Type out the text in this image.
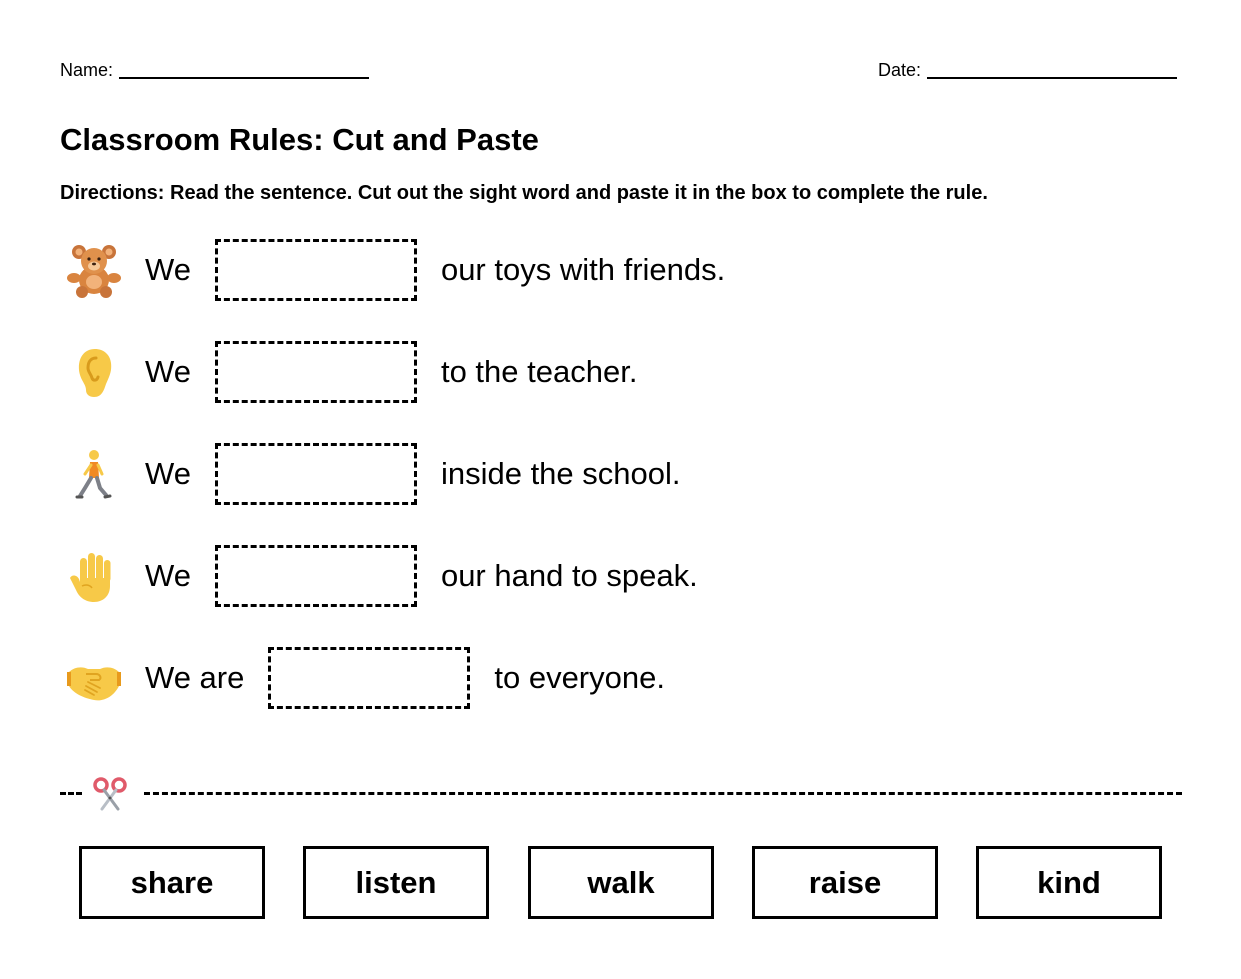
Name:	Date:
Classroom Rules: Cut and Paste

Directions: Read the sentence. Cut out the sight word and paste it in the box to complete the rule.

We	our toys with friends.
We	to the teacher.
We	inside the school.
We	our hand to speak.
We are	to everyone.
share	listen	walk	raise	kind
